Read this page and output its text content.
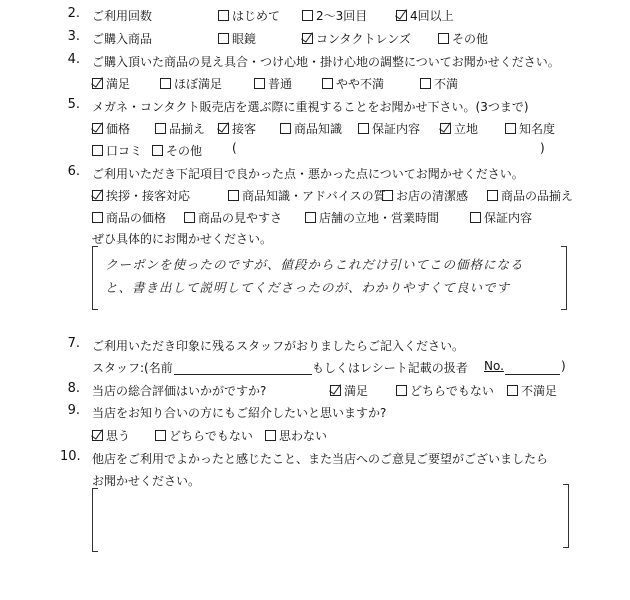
2. ご利用回数	はじめて	2～3回目	4回以上
3. ご購入商品	眼鏡	コンタクトレンズ	その他
4. ご購入頂いた商品の見え具合・つけ心地・掛け心地の調整についてお聞かせください。
満足	ほぼ満足	普通	やや不満	不満
5. メガネ・コンタクト販売店を選ぶ際に重視することをお聞かせ下さい。(3つまで)
価格	品揃え 接客	商品知識 保証内容	立地	知名度
口コミ その他 (	)
6. ご利用いただき下記項目で良かった点・悪かった点についてお聞かせください。
挨拶・接客対応	商品知識・アドバイスの質 お店の清潔感	商品の品揃え
商品の価格	商品の見やすさ	店舗の立地・営業時間	保証内容
ぜひ具体的にお聞かせください。
クーポンを使ったのですが、値段からこれだけ引いてこの価格になる
と、書き出して説明してくださったのが、わかりやすくて良いです
7. ご利用いただき印象に残るスタッフがおりましたらご記入ください。
スタッフ:(名前	もしくはレシート記載の扱者 No.	)
8. 当店の総合評価はいかがですか?	満足	どちらでもない 不満足
9. 当店をお知り合いの方にもご紹介したいと思いますか?
思う	どちらでもない 思わない
10. 他店をご利用でよかったと感じたこと、また当店へのご意見ご要望がございましたら
お聞かせください。
